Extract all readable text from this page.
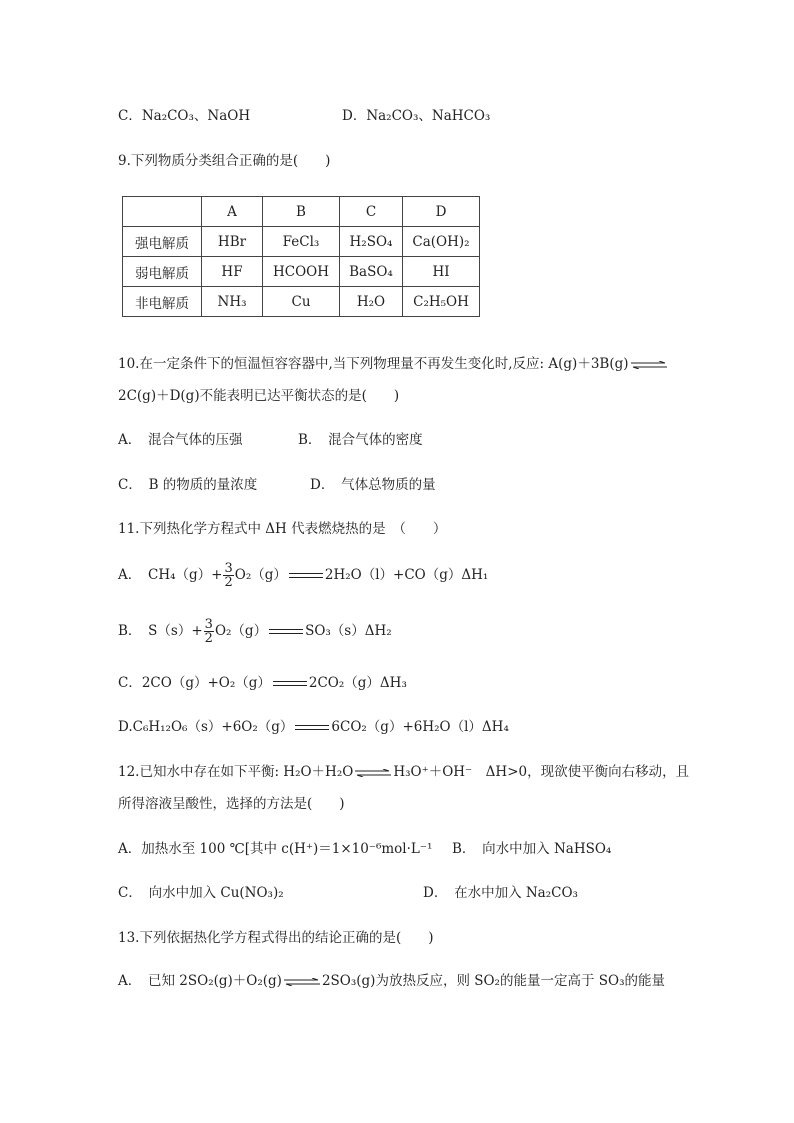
C．Na₂CO₃、NaOH	D．Na₂CO₃、NaHCO₃
9.下列物质分类组合正确的是(　　)
	A	B	C	D
强电解质	HBr	FeCl₃	H₂SO₄	Ca(OH)₂
弱电解质	HF	HCOOH	BaSO₄	HI
非电解质	NH₃	Cu	H₂O	C₂H₅OH
10.在一定条件下的恒温恒容容器中,当下列物理量不再发生变化时,反应: A(g)＋3B(g) ⇌
2C(g)＋D(g)不能表明已达平衡状态的是(　　)
A．　混合气体的压强	B．　混合气体的密度
C．　B 的物质的量浓度	D．　气体总物质的量
11.下列热化学方程式中 ΔH 代表燃烧热的是　（　　）
A．　$CH_4(g)+ \frac{3}{2} O_2(g)$	2H₂O（l）+CO（g）ΔH₁
B．　$S(s)+ \frac{3}{2} O_2(g)$	SO₃（s）ΔH₂
C．2CO（g）+O₂（g）	2CO₂（g）ΔH₃
D.C₆H₁₂O₆（s）+6O₂（g）	6CO₂（g）+6H₂O（l）ΔH₄
12.已知水中存在如下平衡: H₂O＋H₂O ⇌ H₃O⁺＋OH⁻　ΔH>0，现欲使平衡向右移动，且
所得溶液呈酸性，选择的方法是(　　)
A．加热水至 100 ℃[其中 c(H⁺)＝1×10⁻⁶mol·L⁻¹ B．　向水中加入 NaHSO₄
C．　向水中加入 Cu(NO₃)₂	D．　在水中加入 Na₂CO₃
13.下列依据热化学方程式得出的结论正确的是(　　)
A．　已知 2SO₂(g)＋O₂(g) ⇌ 2SO₃(g)为放热反应，则 SO₂的能量一定高于 SO₃的能量
